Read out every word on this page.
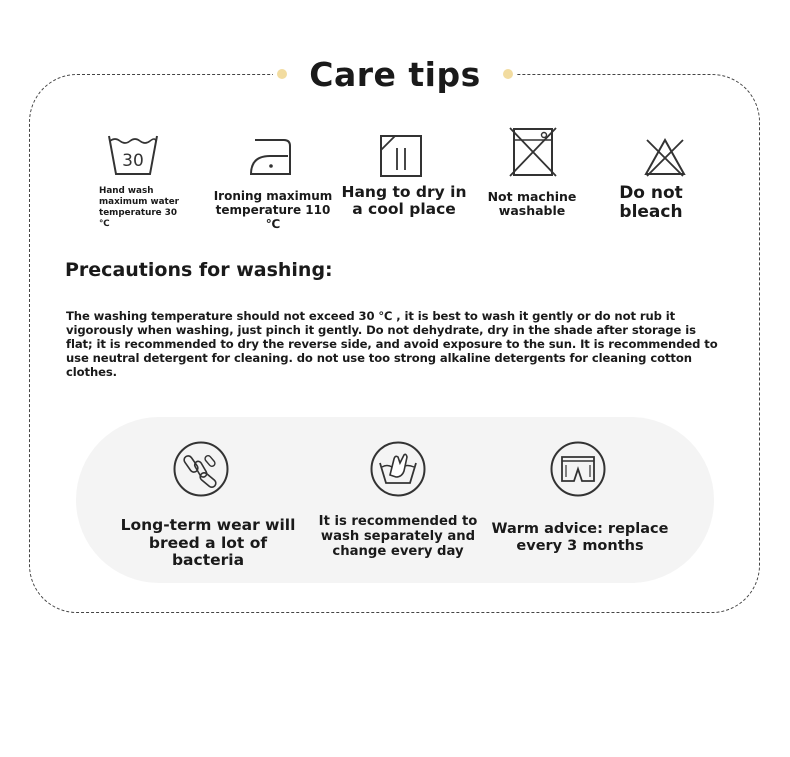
Care tips
30
Hand wash maximum water temperature 30 ℃
Ironing maximum temperature 110 ℃
Hang to dry in a cool place
Not machine washable
Do not bleach
Precautions for washing:
The washing temperature should not exceed 30 ℃ , it is best to wash it gently or do not rub it vigorously when washing, just pinch it gently. Do not dehydrate, dry in the shade after storage is flat; it is recommended to dry the reverse side, and avoid exposure to the sun. It is recommended to use neutral detergent for cleaning. do not use too strong alkaline detergents for cleaning cotton clothes.
Long-term wear will breed a lot of bacteria
It is recommended to wash separately and change every day
Warm advice: replace every 3 months
